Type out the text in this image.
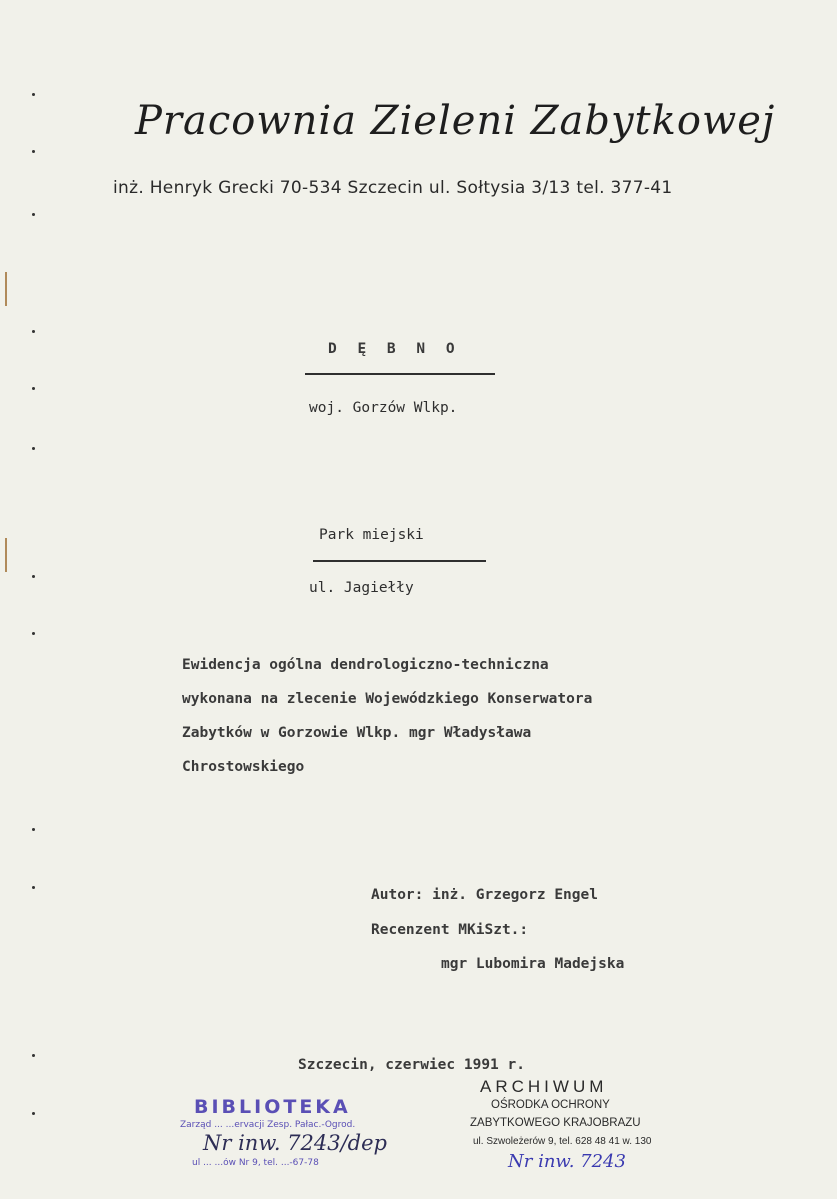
Pracownia Zieleni Zabytkowej
inż. Henryk Grecki 70-534 Szczecin ul. Sołtysia 3/13 tel. 377-41
D Ę B N O
woj. Gorzów Wlkp.
Park miejski
ul. Jagiełły
Ewidencja ogólna dendrologiczno-techniczna
wykonana na zlecenie Wojewódzkiego Konserwatora
Zabytków w Gorzowie Wlkp. mgr Władysława
Chrostowskiego
Autor: inż. Grzegorz Engel
Recenzent MKiSzt.:
mgr Lubomira Madejska
Szczecin, czerwiec 1991 r.
BIBLIOTEKA
Zarząd ... ...ervacji Zesp. Pałac.-Ogrod.
Nr inw. 7243/dep
ul ... ...ów Nr 9, tel. ...-67-78
ARCHIWUM
OŚRODKA OCHRONY
ZABYTKOWEGO KRAJOBRAZU
ul. Szwoleżerów 9, tel. 628 48 41 w. 130
Nr inw. 7243
